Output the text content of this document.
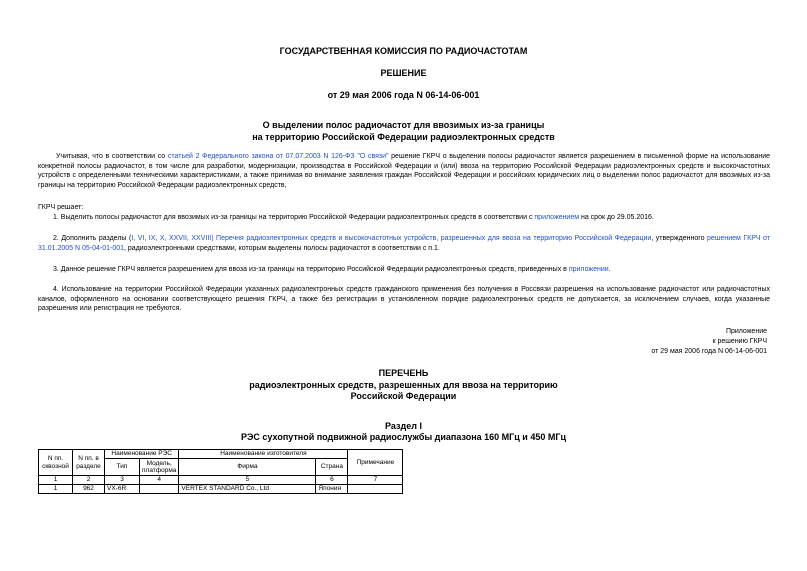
ГОСУДАРСТВЕННАЯ КОМИССИЯ ПО РАДИОЧАСТОТАМ
РЕШЕНИЕ
от 29 мая 2006 года N 06-14-06-001
О выделении полос радиочастот для ввозимых из-за границы
на территорию Российской Федерации радиоэлектронных средств
Учитывая, что в соответствии со статьей 2 Федерального закона от 07.07.2003 N 126-ФЗ "О связи" решение ГКРЧ о выделении полосы радиочастот является разрешением в письменной форме на использование конкретной полосы радиочастот, в том числе для разработки, модернизации, производства в Российской Федерации и (или) ввоза на территорию Российской Федерации радиоэлектронных средств и высокочастотных устройств с определенными техническими характеристиками, а также принимая во внимание заявления граждан Российской Федерации и российских юридических лиц о выделении полос радиочастот для ввозимых из-за границы на территорию Российской Федерации радиоэлектронных средств,
ГКРЧ решает:
1. Выделить полосы радиочастот для ввозимых из-за границы на территорию Российской Федерации радиоэлектронных средств в соответствии с приложением на срок до 29.05.2016.
2. Дополнить разделы (I, VI, IX, X, XXVII, XXVIII) Перечня радиоэлектронных средств и высокочастотных устройств, разрешенных для ввоза на территорию Российской Федерации, утвержденного решением ГКРЧ от 31.01.2005 N 05-04-01-001, радиоэлектронными средствами, которым выделены полосы радиочастот в соответствии с п.1.
3. Данное решение ГКРЧ является разрешением для ввоза из-за границы на территорию Российской Федерации радиоэлектронных средств, приведенных в приложении.
4. Использование на территории Российской Федерации указанных радиоэлектронных средств гражданского применения без получения в Россвязи разрешения на использование радиочастот или радиочастотных каналов, оформленного на основании соответствующего решения ГКРЧ, а также без регистрации в установленном порядке радиоэлектронных средств не допускается, за исключением случаев, когда указанные разрешения или регистрация не требуются.
Приложение
к решению ГКРЧ
от 29 мая 2006 года N 06-14-06-001
ПЕРЕЧЕНЬ
радиоэлектронных средств, разрешенных для ввоза на территорию
Российской Федерации
Раздел I
РЭС сухопутной подвижной радиослужбы диапазона 160 МГц и 450 МГц
N пп. сквозной	N пп. в разделе	Наименование РЭС		Наименование изготовителя		Примечание
		Тип	Модель, платформа	Фирма	Страна	
1	2	3	4	5	6	7
1	962	VX-6R		VERTEX STANDARD Co., Ltd	Япония	
